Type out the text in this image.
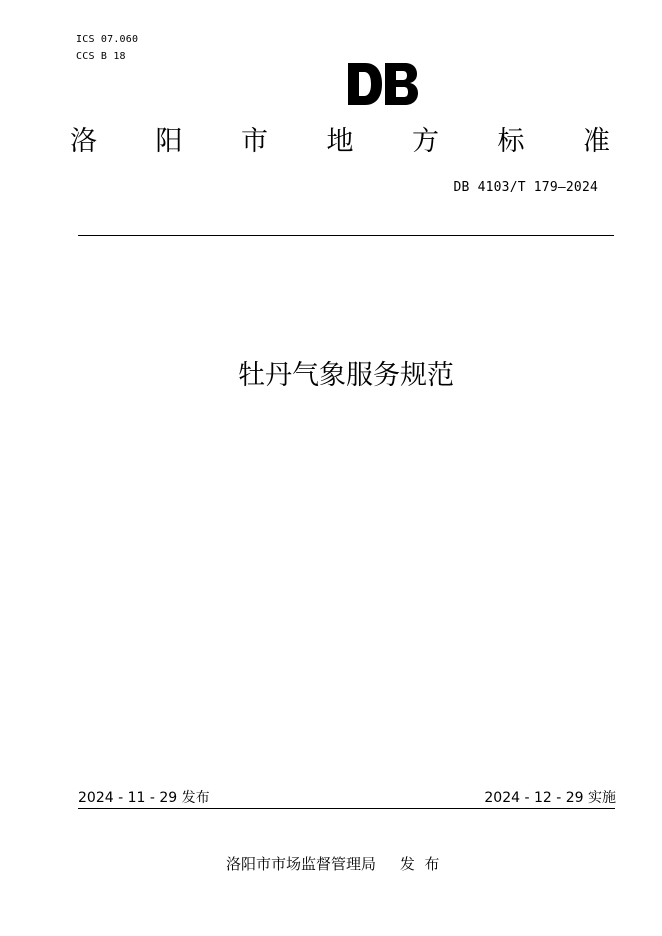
ICS 07.060
CCS B 18
洛 阳 市 地 方 标 准
DB 4103/T 179—2024
牡丹气象服务规范
2024 - 11 - 29 发布	2024 - 12 - 29 实施
洛阳市市场监督管理局     发  布
